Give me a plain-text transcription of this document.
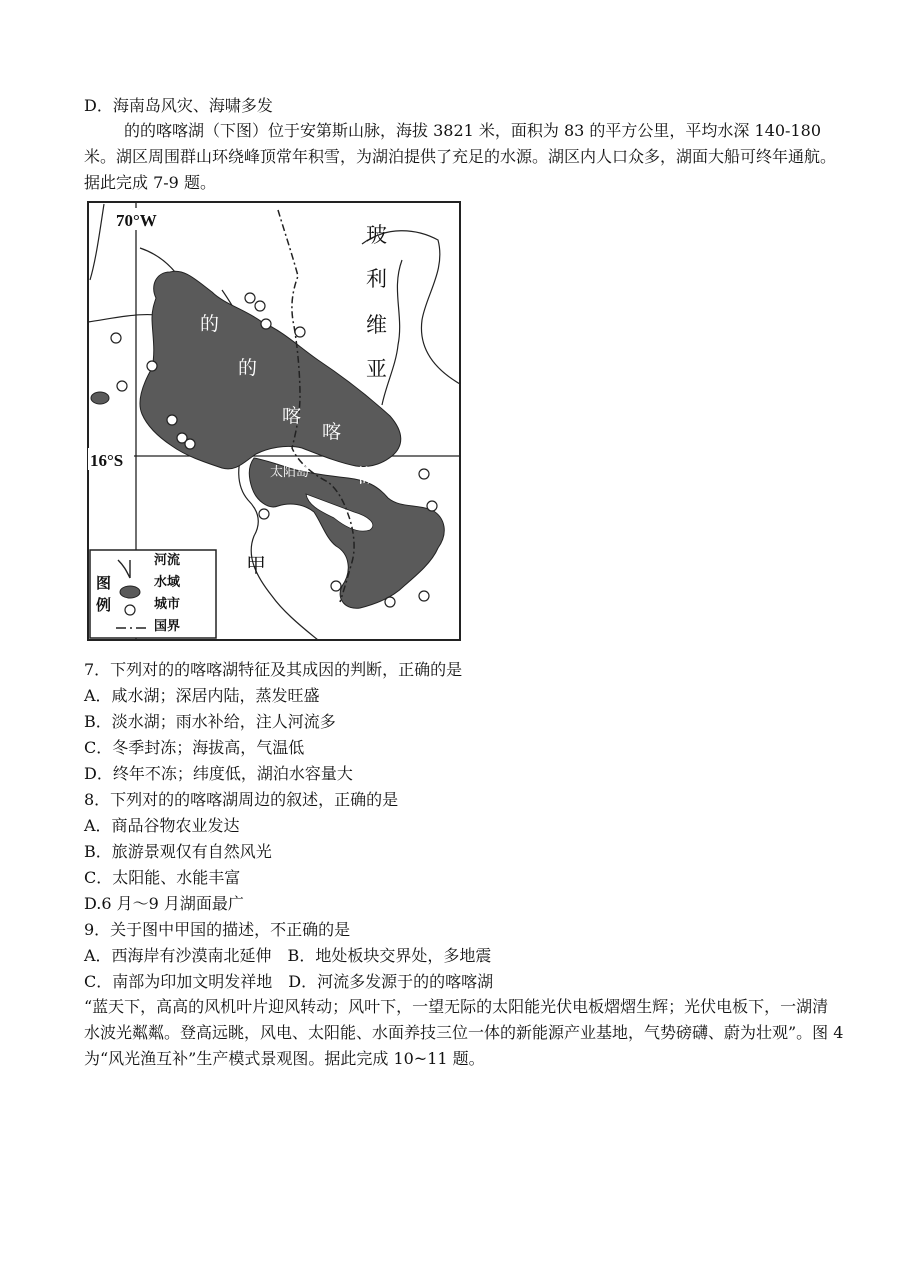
D．海南岛风灾、海啸多发

的的喀喀湖（下图）位于安第斯山脉，海拔 3821 米，面积为 83 的平方公里，平均水深 140-180 米。湖区周围群山环绕峰顶常年积雪，为湖泊提供了充足的水源。湖区内人口众多，湖面大船可终年通航。据此完成 7-9 题。

70°W
16°S
玻
利
维
亚
的
的
喀
喀
湖
太阳岛
甲
图
例
河流
水域
城市
国界
7．下列对的的喀喀湖特征及其成因的判断，正确的是
A．咸水湖；深居内陆，蒸发旺盛
B．淡水湖；雨水补给，注人河流多
C．冬季封冻；海拔高，气温低
D．终年不冻；纬度低，湖泊水容量大
8．下列对的的喀喀湖周边的叙述，正确的是
A．商品谷物农业发达
B．旅游景观仅有自然风光
C．太阳能、水能丰富
D.6 月～9 月湖面最广
9．关于图中甲国的描述，不正确的是
A．西海岸有沙漠南北延伸　B．地处板块交界处，多地震
C．南部为印加文明发祥地　D．河流多发源于的的喀喀湖

“蓝天下，高高的风机叶片迎风转动；风叶下，一望无际的太阳能光伏电板熠熠生辉；光伏电板下，一湖清水波光粼粼。登高远眺，风电、太阳能、水面养技三位一体的新能源产业基地，气势磅礴、蔚为壮观”。图 4 为“风光渔互补”生产模式景观图。据此完成 10~11 题。
